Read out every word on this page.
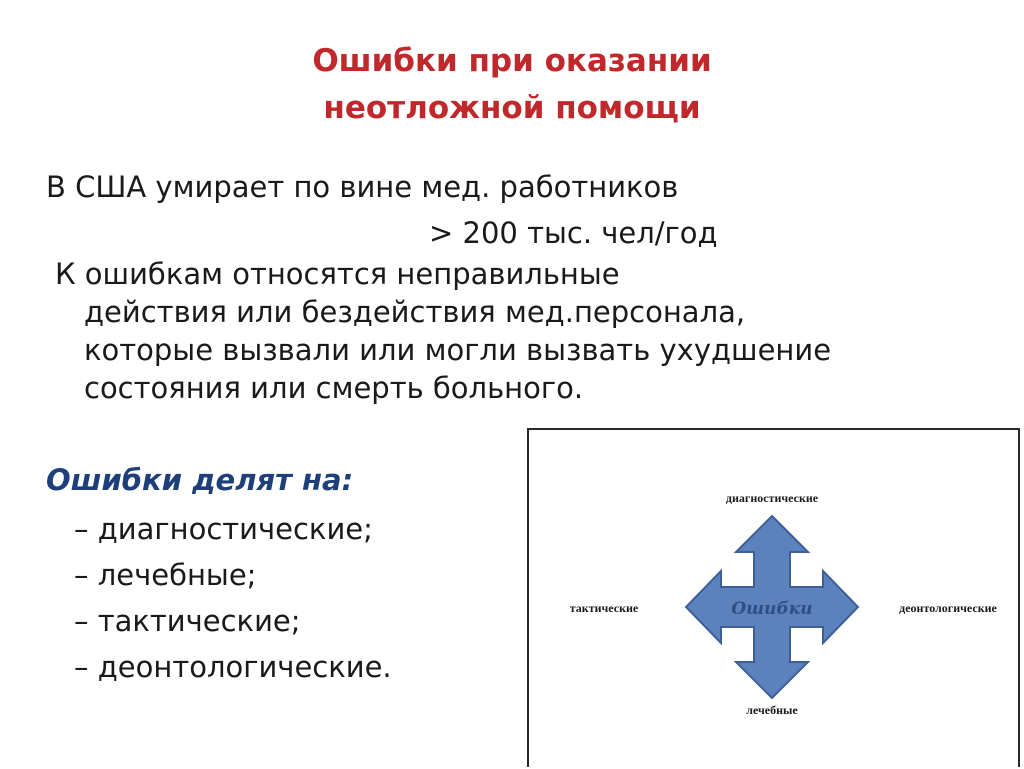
Ошибки при оказании
неотложной помощи
В США умирает по вине мед. работников
> 200 тыс. чел/год
К ошибкам относятся неправильные
действия или бездействия мед.персонала,
которые вызвали или могли вызвать ухудшение
состояния или смерть больного.
Ошибки делят на:
– диагностические;
– лечебные;
– тактические;
– деонтологические.
Ошибки
диагностические
лечебные
тактические	деонтологические
